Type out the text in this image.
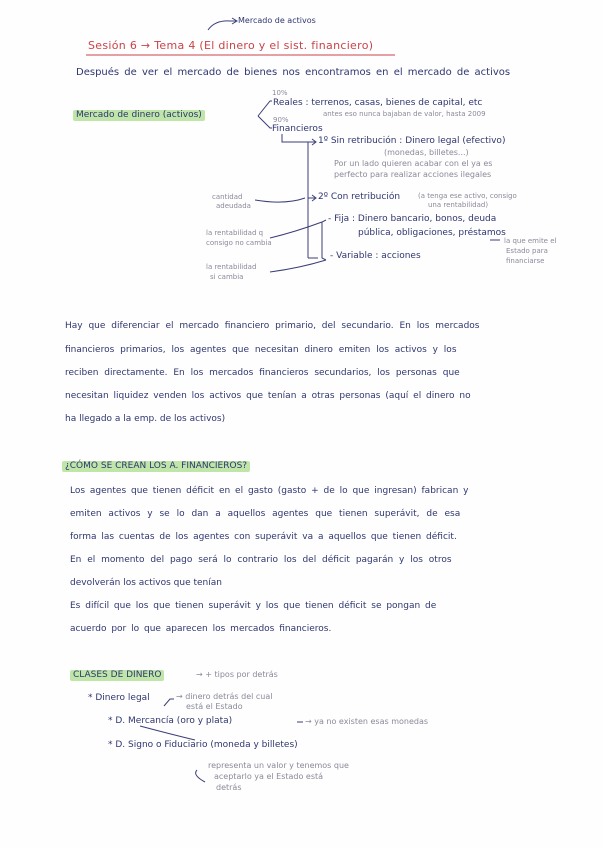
Mercado de activos
Sesión 6 → Tema 4 (El dinero y el sist. financiero)
Después de ver el mercado de bienes nos encontramos en el mercado de activos
Mercado de dinero (activos)
10%
Reales : terrenos, casas, bienes de capital, etc
antes eso nunca bajaban de valor, hasta 2009
90%
Financieros
1º Sin retribución : Dinero legal (efectivo)
(monedas, billetes...)
Por un lado quieren acabar con el ya es
perfecto para realizar acciones ilegales
2º Con retribución	(a tenga ese activo, consigo
una rentabilidad)
- Fija : Dinero bancario, bonos, deuda
pública, obligaciones, préstamos
la que emite el
Estado para
financiarse
- Variable : acciones
cantidad
adeudada
la rentabilidad q
consigo no cambia
la rentabilidad
si cambia
Hay que diferenciar el mercado financiero primario, del secundario. En los mercados
financieros primarios, los agentes que necesitan dinero emiten los activos y los
reciben directamente. En los mercados financieros secundarios, los personas que
necesitan liquidez venden los activos que tenían a otras personas (aquí el dinero no
ha llegado a la emp. de los activos)
¿CÓMO SE CREAN LOS A. FINANCIEROS?
Los agentes que tienen déficit en el gasto (gasto + de lo que ingresan) fabrican y
emiten activos y se lo dan a aquellos agentes que tienen superávit, de esa
forma las cuentas de los agentes con superávit va a aquellos que tienen déficit.
En el momento del pago será lo contrario los del déficit pagarán y los otros
devolverán los activos que tenían
Es difícil que los que tienen superávit y los que tienen déficit se pongan de
acuerdo por lo que aparecen los mercados financieros.
CLASES DE DINERO	→ + tipos por detrás
* Dinero legal	→ dinero detrás del cual
está el Estado
* D. Mercancía (oro y plata)	→ ya no existen esas monedas
* D. Signo o Fiduciario (moneda y billetes)
representa un valor y tenemos que
aceptarlo ya el Estado está
detrás
